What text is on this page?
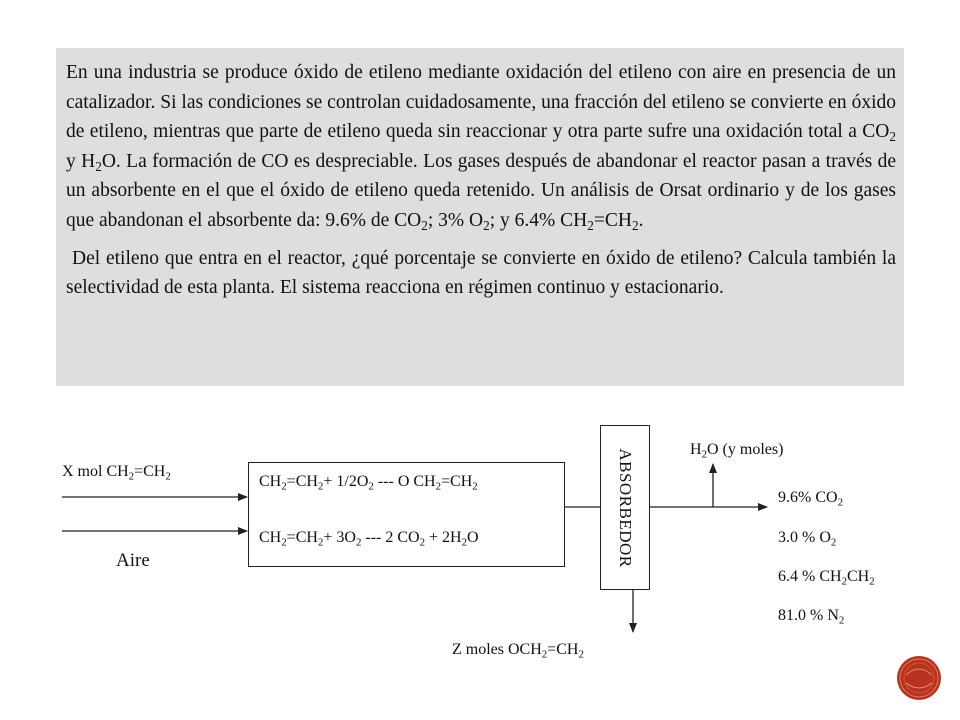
En una industria se produce óxido de etileno mediante oxidación del etileno con aire en presencia de un catalizador. Si las condiciones se controlan cuidadosamente, una fracción del etileno se convierte en óxido de etileno, mientras que parte de etileno queda sin reaccionar y otra parte sufre una oxidación total a $CO_2$ y $H_2O$. La formación de CO es despreciable. Los gases después de abandonar el reactor pasan a través de un absorbente en el que el óxido de etileno queda retenido. Un análisis de Orsat ordinario y de los gases que abandonan el absorbente da: 9.6% de $CO_2$; 3% $O_2$; y 6.4% $CH_2=CH_2$.

Del etileno que entra en el reactor, ¿qué porcentaje se convierte en óxido de etileno? Calcula también la selectividad de esta planta. El sistema reacciona en régimen continuo y estacionario.

X mol $CH_2=CH_2$
Aire
$CH_2=CH_2+ 1/2O_2$ --- O $CH_2=CH_2$
$CH_2=CH_2+ 3O_2$ --- 2 $CO_2 + 2H_2O$	ABSORBEDOR	$H_2O$ (y moles)
Z moles $OCH_2=CH_2$
9.6% $CO_2$
3.0 % $O_2$
6.4 % $CH_2CH_2$
81.0 % $N_2$
